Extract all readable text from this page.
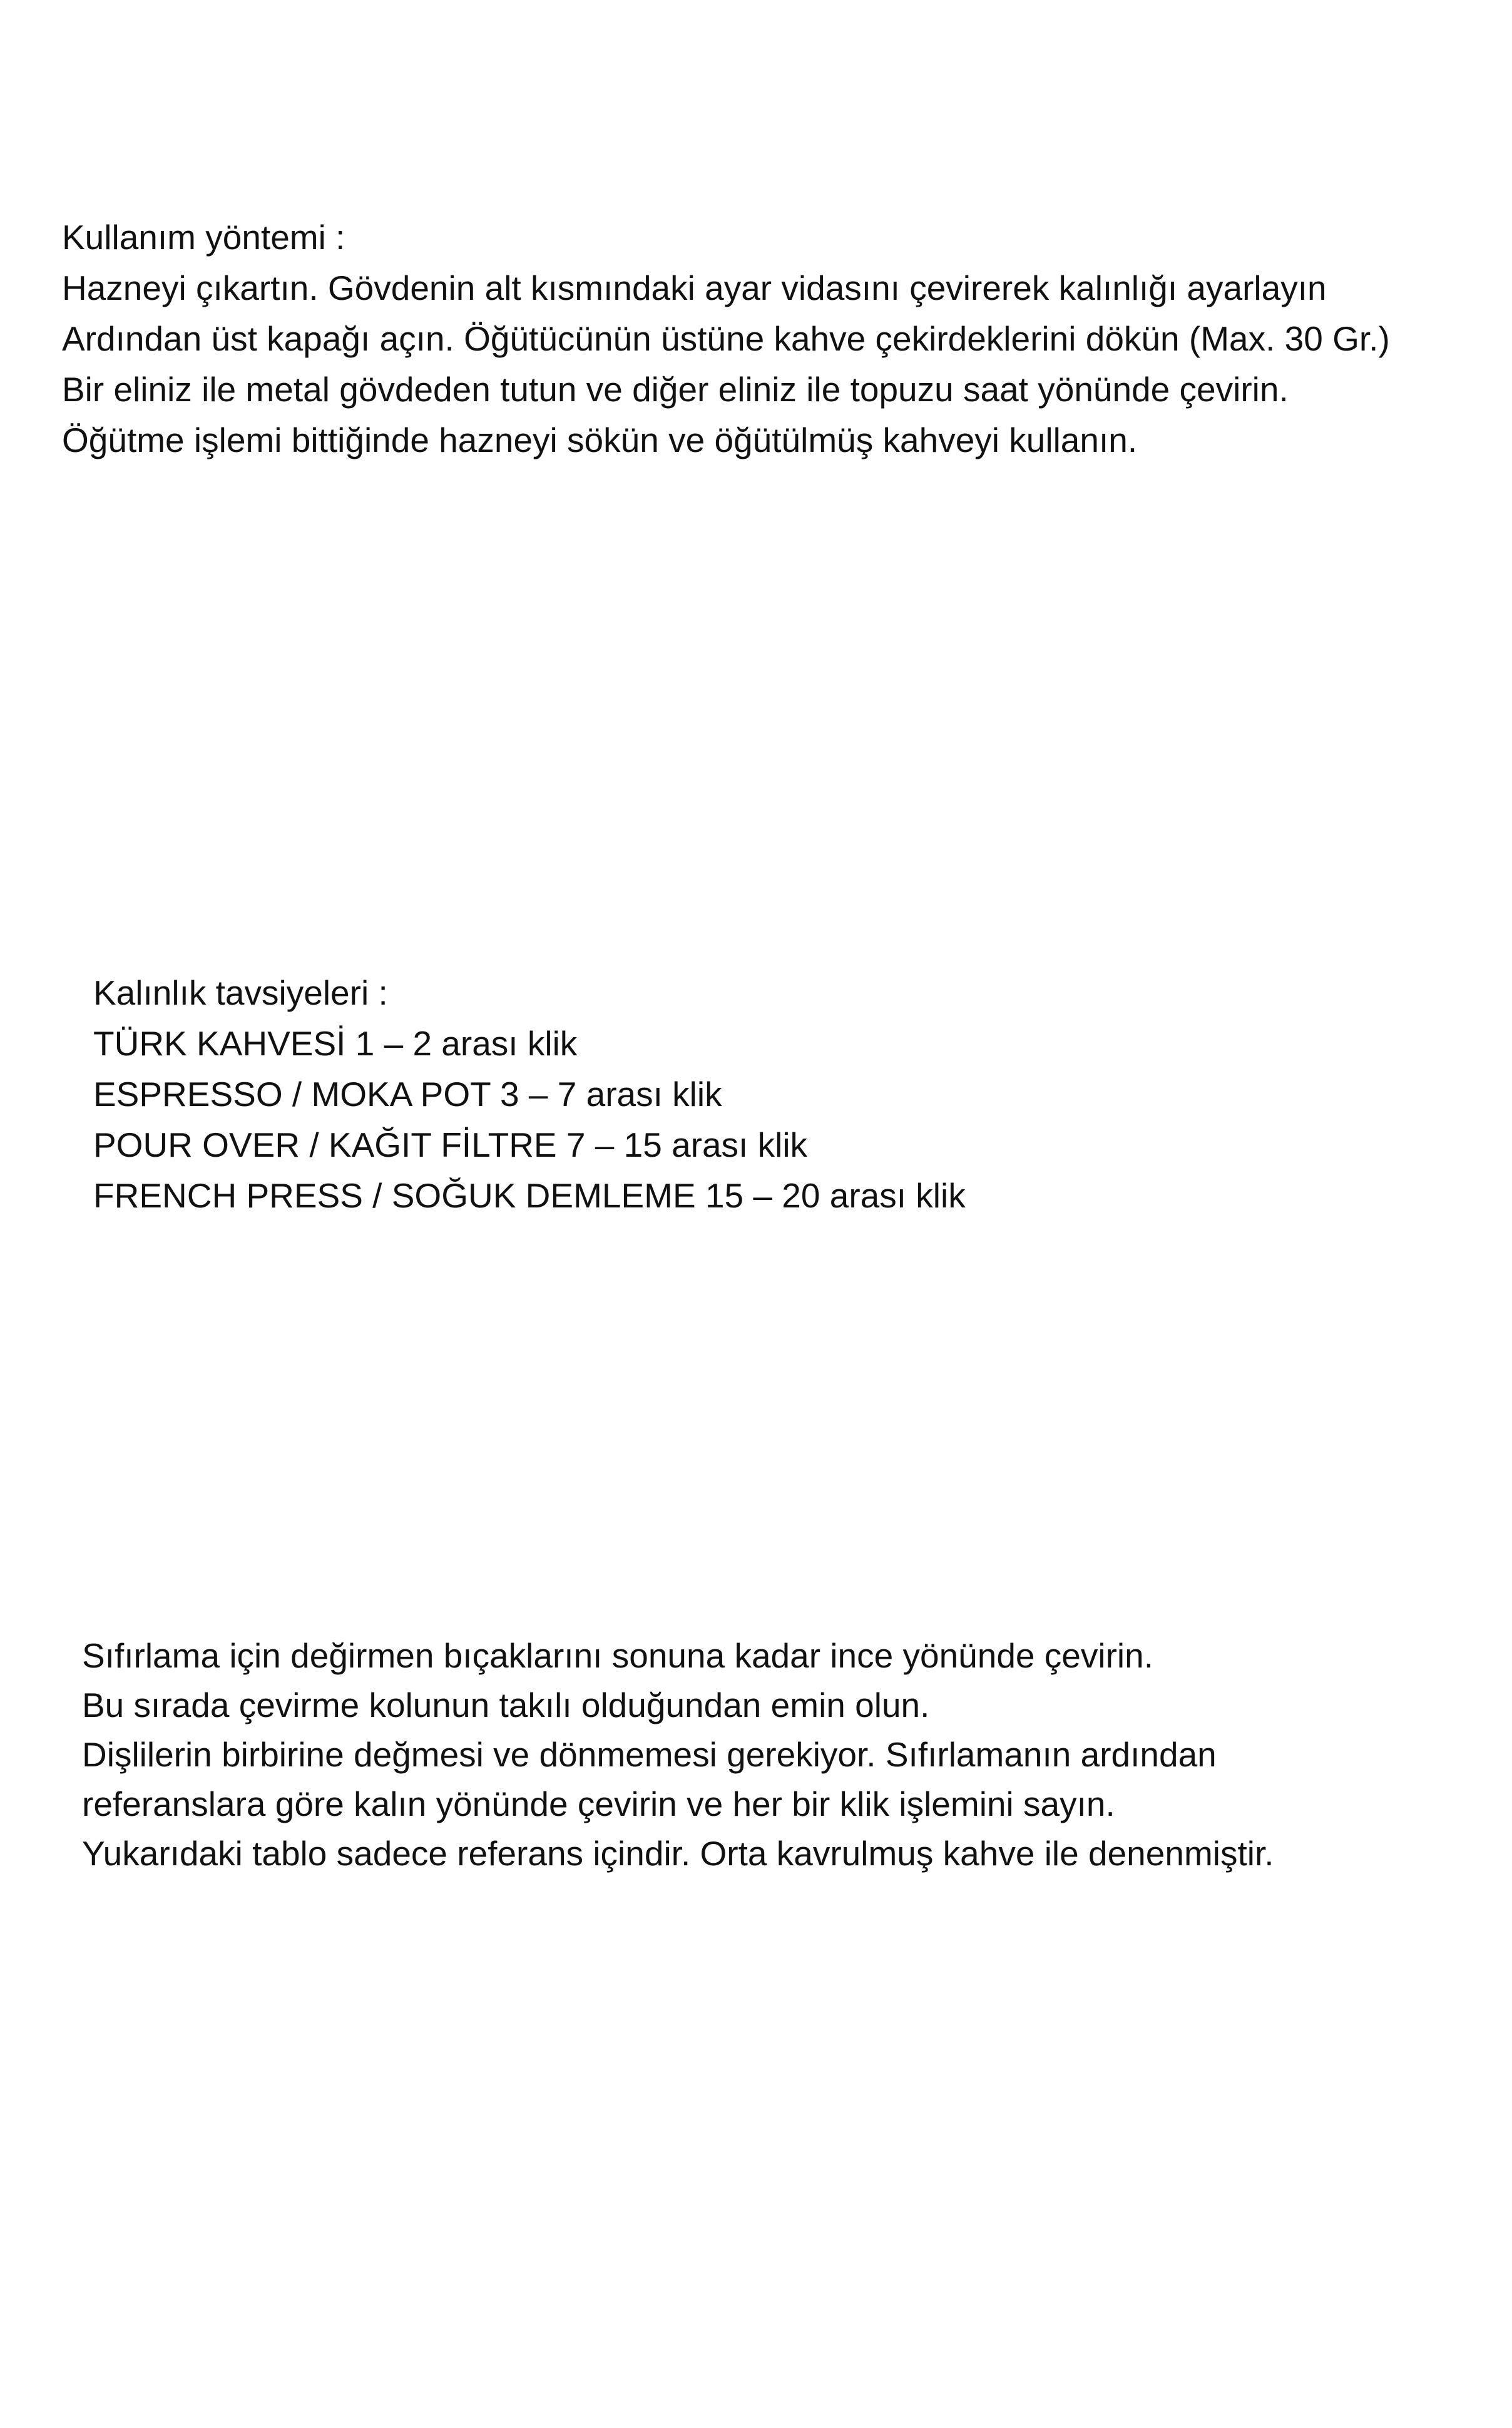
Kullanım yöntemi :
Hazneyi çıkartın. Gövdenin alt kısmındaki ayar vidasını çevirerek kalınlığı ayarlayın
Ardından üst kapağı açın. Öğütücünün üstüne kahve çekirdeklerini dökün (Max. 30 Gr.)
Bir eliniz ile metal gövdeden tutun ve diğer eliniz ile topuzu saat yönünde çevirin.
Öğütme işlemi bittiğinde hazneyi sökün ve öğütülmüş kahveyi kullanın.
Kalınlık tavsiyeleri :
TÜRK KAHVESİ 1 – 2 arası klik
ESPRESSO / MOKA POT 3 – 7 arası klik
POUR OVER / KAĞIT FİLTRE 7 – 15 arası klik
FRENCH PRESS / SOĞUK DEMLEME 15 – 20 arası klik
Sıfırlama için değirmen bıçaklarını sonuna kadar ince yönünde çevirin.
Bu sırada çevirme kolunun takılı olduğundan emin olun.
Dişlilerin birbirine değmesi ve dönmemesi gerekiyor. Sıfırlamanın ardından
referanslara göre kalın yönünde çevirin ve her bir klik işlemini sayın.
Yukarıdaki tablo sadece referans içindir. Orta kavrulmuş kahve ile denenmiştir.
